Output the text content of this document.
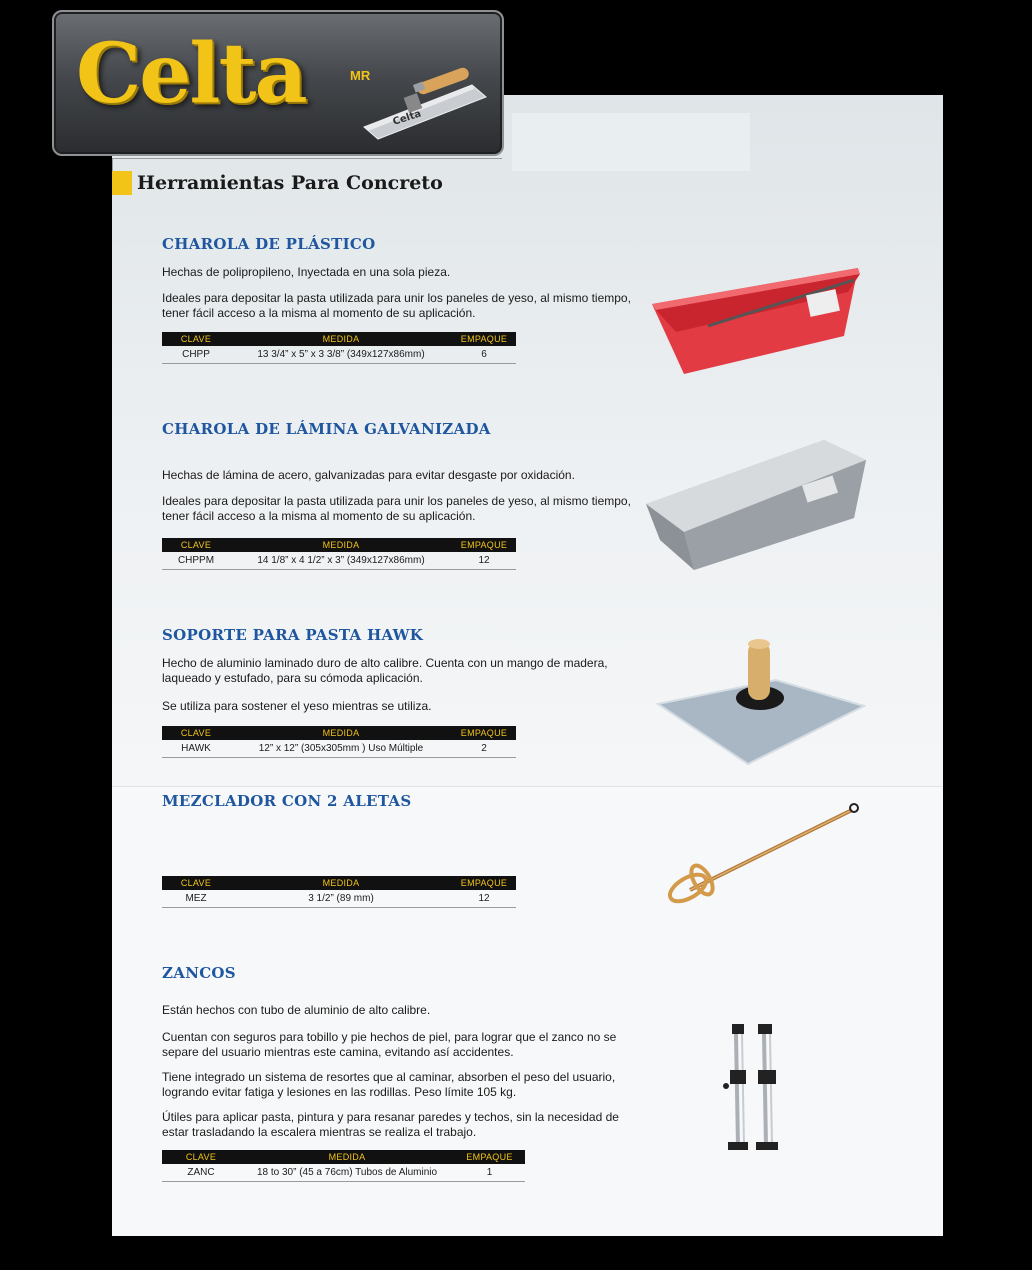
Celta	MR
Celta
Herramientas Para Concreto
CHAROLA DE PLÁSTICO

Hechas de polipropileno, Inyectada en una sola pieza.

Ideales para depositar la pasta utilizada para unir los paneles de yeso, al mismo tiempo, tener fácil acceso a la misma al momento de su aplicación.

CLAVE	MEDIDA	EMPAQUE
CHPP	13 3/4” x 5” x 3 3/8” (349x127x86mm)	6
CHAROLA DE LÁMINA GALVANIZADA

Hechas de lámina de acero, galvanizadas para evitar desgaste por oxidación.

Ideales para depositar la pasta utilizada para unir los paneles de yeso, al mismo tiempo, tener fácil acceso a la misma al momento de su aplicación.

CLAVE	MEDIDA	EMPAQUE
CHPPM	14 1/8” x 4 1/2” x 3” (349x127x86mm)	12
SOPORTE PARA PASTA HAWK

Hecho de aluminio laminado duro de alto calibre. Cuenta con un mango de madera, laqueado y estufado, para su cómoda aplicación.

Se utiliza para sostener el yeso mientras se utiliza.

CLAVE	MEDIDA	EMPAQUE
HAWK	12” x 12” (305x305mm ) Uso Múltiple	2
MEZCLADOR CON 2 ALETAS
CLAVE	MEDIDA	EMPAQUE
MEZ	3 1/2” (89 mm)	12
ZANCOS

Están hechos con tubo de aluminio de alto calibre.

Cuentan con seguros para tobillo y pie hechos de piel, para lograr que el zanco no se separe del usuario mientras este camina, evitando así accidentes.

Tiene integrado un sistema de resortes que al caminar, absorben el peso del usuario, logrando evitar fatiga y lesiones en las rodillas. Peso límite 105 kg.

Útiles para aplicar pasta, pintura y para resanar paredes y techos, sin la necesidad de estar trasladando la escalera mientras se realiza el trabajo.

CLAVE	MEDIDA	EMPAQUE
ZANC	18 to 30” (45 a 76cm) Tubos de Aluminio	1
